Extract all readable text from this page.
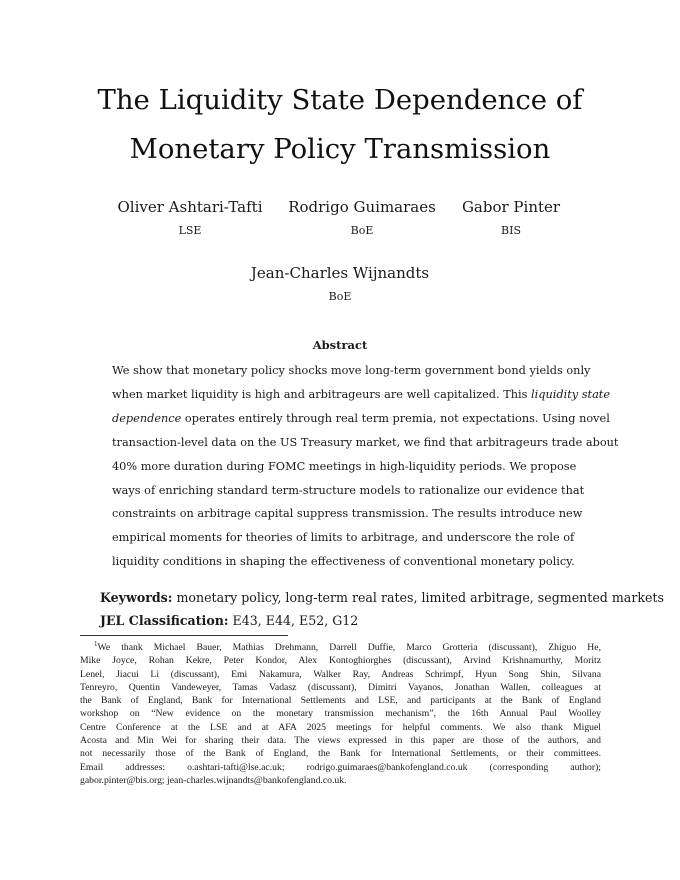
The Liquidity State Dependence of
Monetary Policy Transmission
Oliver Ashtari-Tafti
LSE
Rodrigo Guimaraes
BoE
Gabor Pinter
BIS
Jean-Charles Wijnandts
BoE
Abstract
We show that monetary policy shocks move long-term government bond yields only
when market liquidity is high and arbitrageurs are well capitalized. This liquidity state
dependence operates entirely through real term premia, not expectations. Using novel
transaction-level data on the US Treasury market, we find that arbitrageurs trade about
40% more duration during FOMC meetings in high-liquidity periods. We propose
ways of enriching standard term-structure models to rationalize our evidence that
constraints on arbitrage capital suppress transmission. The results introduce new
empirical moments for theories of limits to arbitrage, and underscore the role of
liquidity conditions in shaping the effectiveness of conventional monetary policy.
Keywords: monetary policy, long-term real rates, limited arbitrage, segmented markets
JEL Classification: E43, E44, E52, G12
$^1$We thank Michael Bauer, Mathias Drehmann, Darrell Duffie, Marco Grotteria (discussant), Zhiguo He,
Mike Joyce, Rohan Kekre, Peter Kondor, Alex Kontoghiorghes (discussant), Arvind Krishnamurthy, Moritz
Lenel, Jiacui Li (discussant), Emi Nakamura, Walker Ray, Andreas Schrimpf, Hyun Song Shin, Silvana
Tenreyro, Quentin Vandeweyer, Tamas Vadasz (discussant), Dimitri Vayanos, Jonathan Wallen, colleagues at
the Bank of England, Bank for International Settlements and LSE, and participants at the Bank of England
workshop on “New evidence on the monetary transmission mechanism”, the 16th Annual Paul Woolley
Centre Conference at the LSE and at AFA 2025 meetings for helpful comments. We also thank Miguel
Acosta and Min Wei for sharing their data. The views expressed in this paper are those of the authors, and
not necessarily those of the Bank of England, the Bank for International Settlements, or their committees.
Email addresses: o.ashtari-tafti@lse.ac.uk; rodrigo.guimaraes@bankofengland.co.uk (corresponding author);
gabor.pinter@bis.org; jean-charles.wijnandts@bankofengland.co.uk.
